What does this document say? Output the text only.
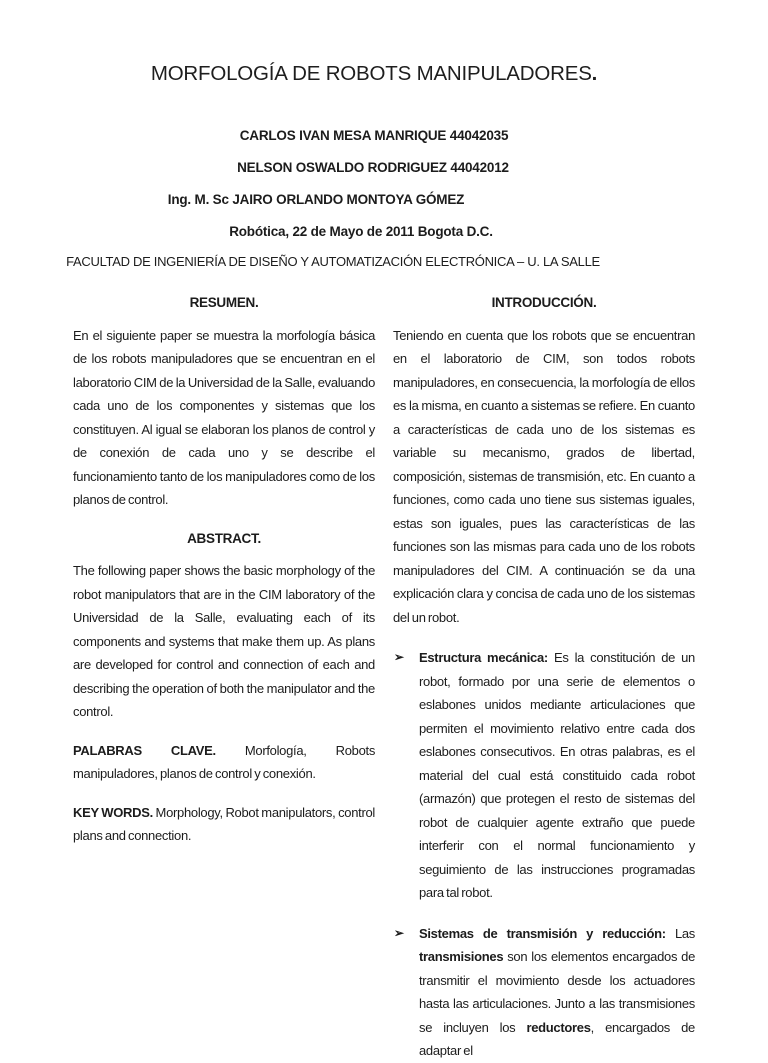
MORFOLOGÍA DE ROBOTS MANIPULADORES.
CARLOS IVAN MESA MANRIQUE 44042035
NELSON OSWALDO RODRIGUEZ 44042012
Ing. M. Sc JAIRO ORLANDO MONTOYA GÓMEZ
Robótica, 22 de Mayo de 2011 Bogota D.C.
FACULTAD DE INGENIERÍA DE DISEÑO Y AUTOMATIZACIÓN ELECTRÓNICA – U. LA SALLE
RESUMEN.

En el siguiente paper se muestra la morfología básica de los robots manipuladores que se encuentran en el laboratorio CIM de la Universidad de la Salle, evaluando cada uno de los componentes y sistemas que los constituyen. Al igual se elaboran los planos de control y de conexión de cada uno y se describe el funcionamiento tanto de los manipuladores como de los planos de control.

ABSTRACT.

The following paper shows the basic morphology of the robot manipulators that are in the CIM laboratory of the Universidad de la Salle, evaluating each of its components and systems that make them up. As plans are developed for control and connection of each and describing the operation of both the manipulator and the control.

PALABRAS CLAVE. Morfología, Robots manipuladores, planos de control y conexión.

KEY WORDS. Morphology, Robot manipulators, control plans and connection.

INTRODUCCIÓN.

Teniendo en cuenta que los robots que se encuentran en el laboratorio de CIM, son todos robots manipuladores, en consecuencia, la morfología de ellos es la misma, en cuanto a sistemas se refiere. En cuanto a características de cada uno de los sistemas es variable su mecanismo, grados de libertad, composición, sistemas de transmisión, etc. En cuanto a funciones, como cada uno tiene sus sistemas iguales, estas son iguales, pues las características de las funciones son las mismas para cada uno de los robots manipuladores del CIM. A continuación se da una explicación clara y concisa de cada uno de los sistemas del un robot.

➢ Estructura mecánica: Es la constitución de un robot, formado por una serie de elementos o eslabones unidos mediante articulaciones que permiten el movimiento relativo entre cada dos eslabones consecutivos. En otras palabras, es el material del cual está constituido cada robot (armazón) que protegen el resto de sistemas del robot de cualquier agente extraño que puede interferir con el normal funcionamiento y seguimiento de las instrucciones programadas para tal robot.
➢ Sistemas de transmisión y reducción: Las transmisiones son los elementos encargados de transmitir el movimiento desde los actuadores hasta las articulaciones. Junto a las transmisiones se incluyen los reductores, encargados de adaptar el
